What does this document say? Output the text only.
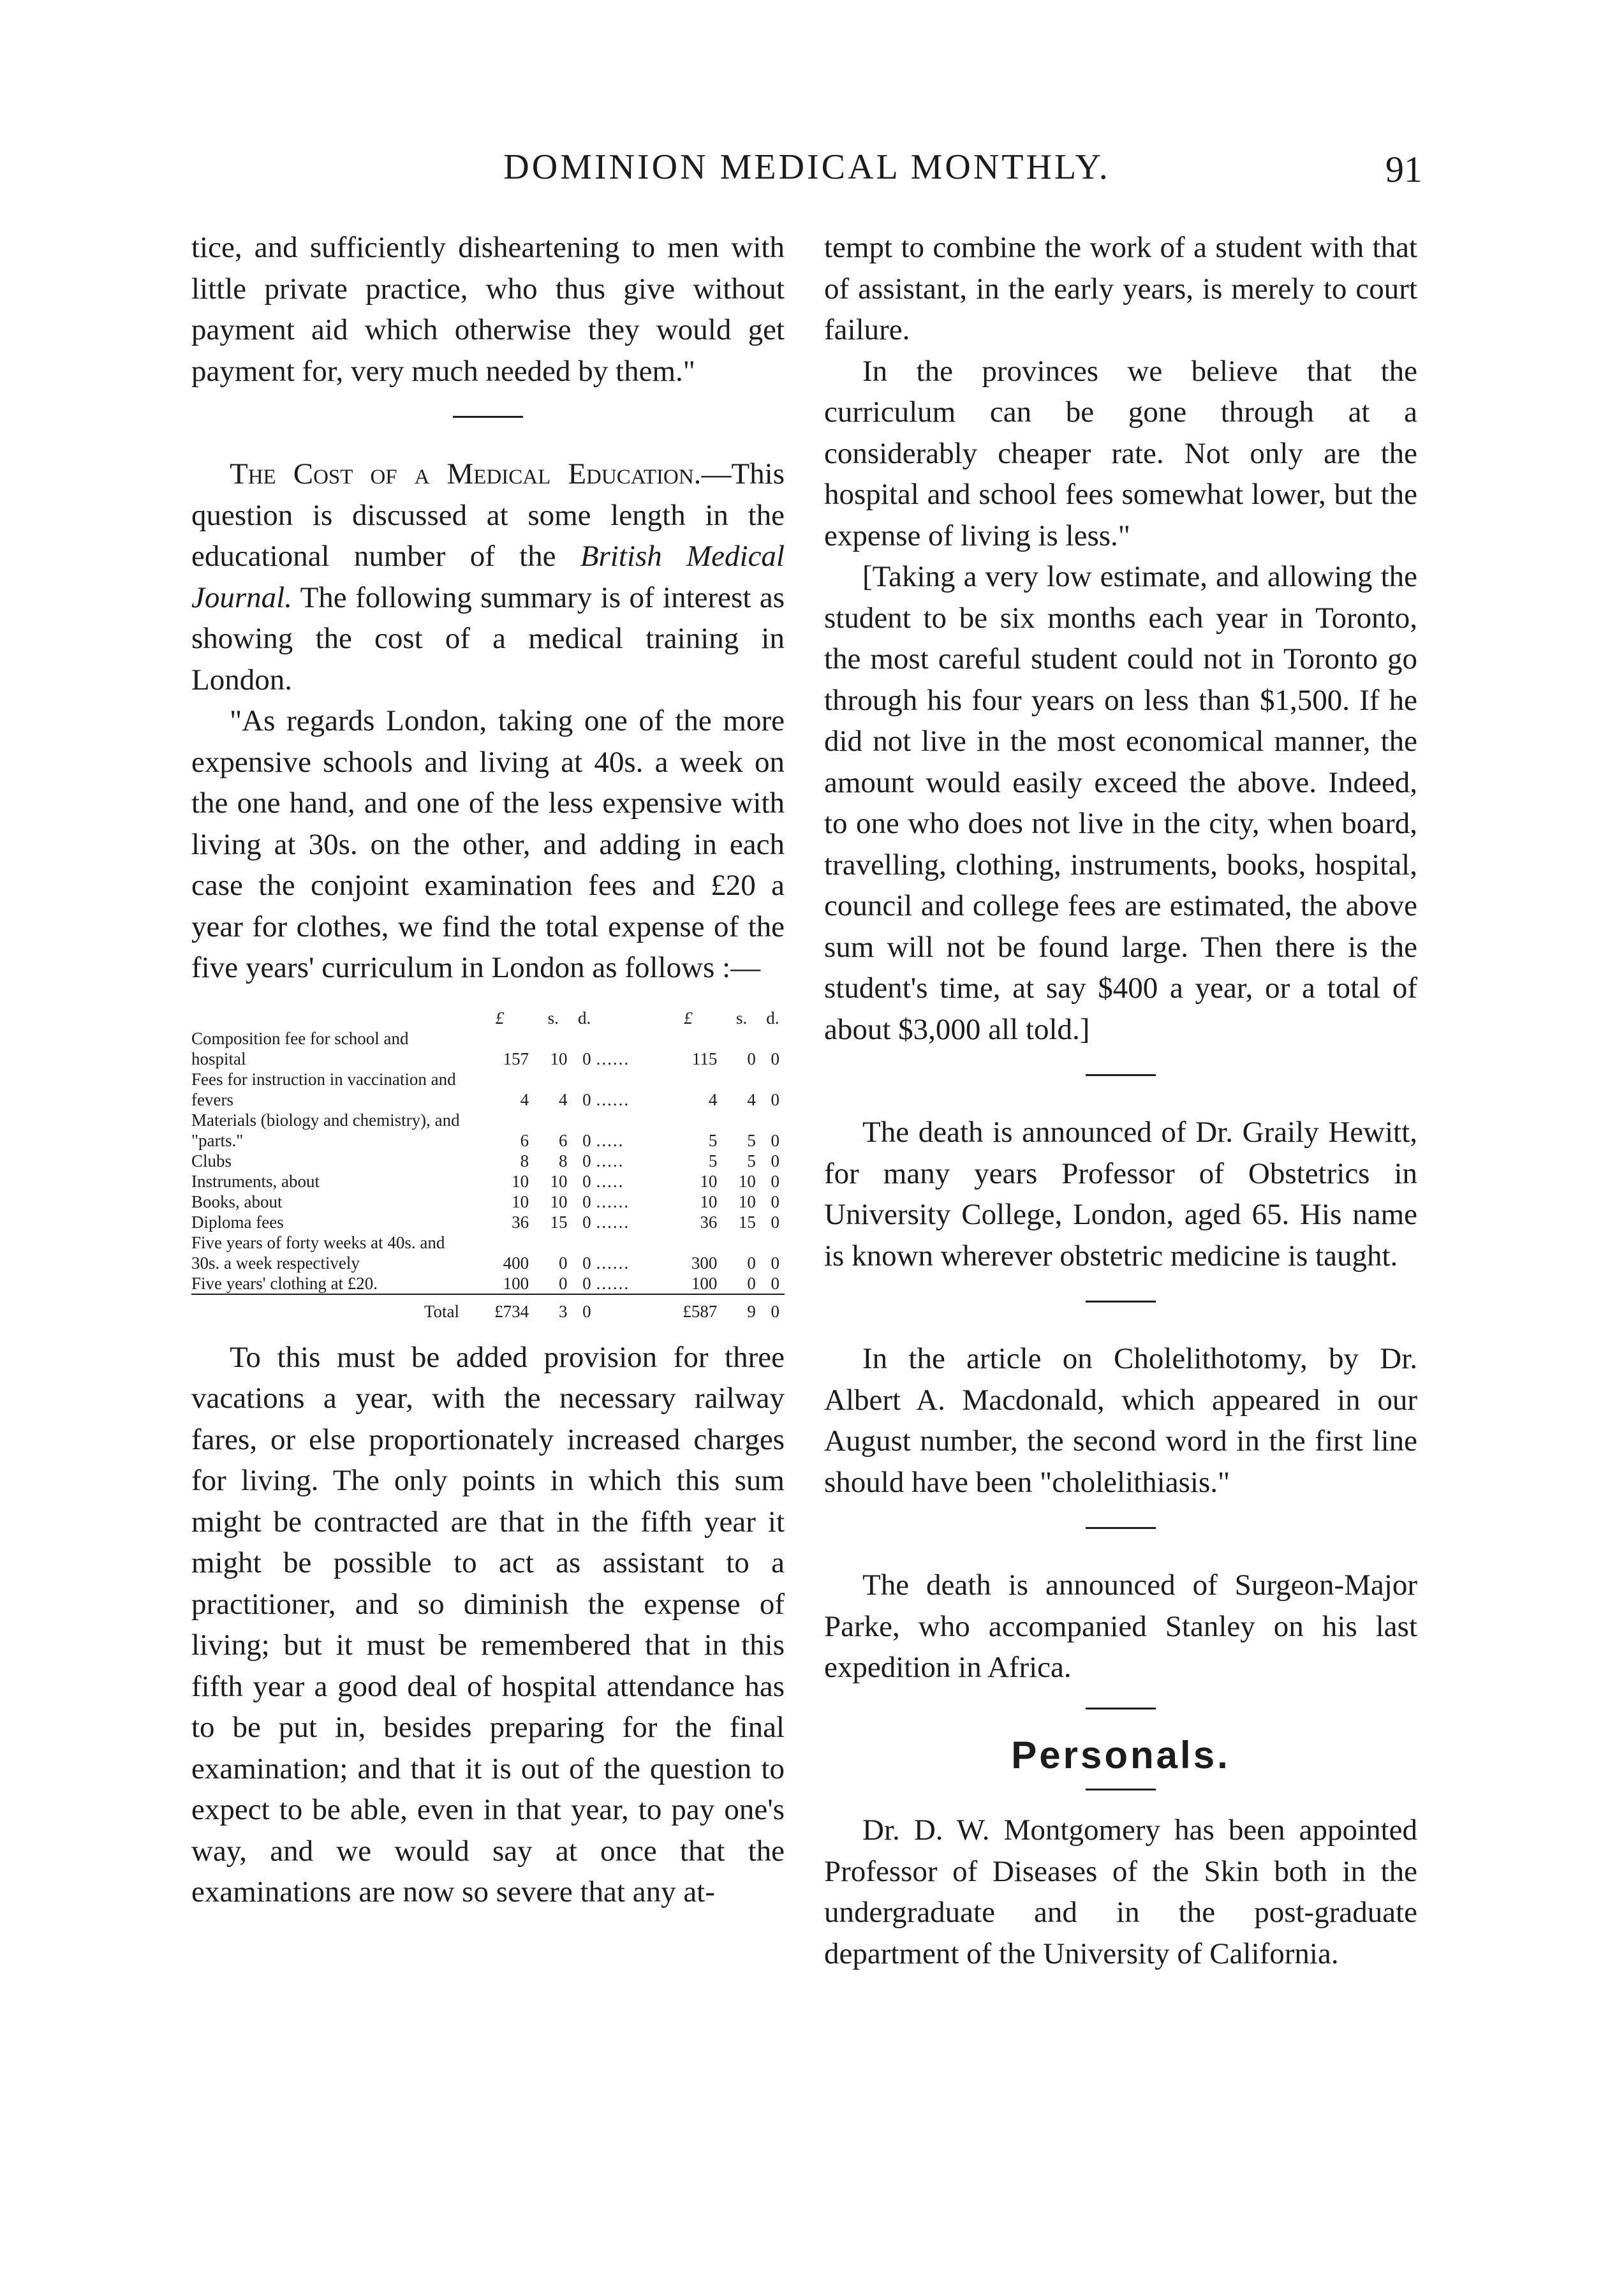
DOMINION MEDICAL MONTHLY.	91

tice, and sufficiently disheartening to men with little private practice, who thus give without payment aid which otherwise they would get payment for, very much needed by them."

The Cost of a Medical Education.—This question is discussed at some length in the educational number of the British Medical Journal. The following summary is of interest as showing the cost of a medical training in London.

"As regards London, taking one of the more expensive schools and living at 40s. a week on the one hand, and one of the less expensive with living at 30s. on the other, and adding in each case the conjoint examination fees and £20 a year for clothes, we find the total expense of the five years' curriculum in London as follows :—

	£	s.	d.		£	s.	d.
Composition fee for school and hospital	157	10	0	......	115	0	0
Fees for instruction in vaccination and fevers	4	4	0	......	4	4	0
Materials (biology and chemistry), and "parts."	6	6	0	.....	5	5	0
Clubs	8	8	0	.....	5	5	0
Instruments, about	10	10	0	.....	10	10	0
Books, about	10	10	0	......	10	10	0
Diploma fees	36	15	0	......	36	15	0
Five years of forty weeks at 40s. and 30s. a week respectively	400	0	0	......	300	0	0
Five years' clothing at £20.	100	0	0	......	100	0	0
Total	£734	3	0		£587	9	0

To this must be added provision for three vacations a year, with the necessary railway fares, or else proportionately increased charges for living. The only points in which this sum might be contracted are that in the fifth year it might be possible to act as assistant to a practitioner, and so diminish the expense of living; but it must be remembered that in this fifth year a good deal of hospital attendance has to be put in, besides preparing for the final examination; and that it is out of the question to expect to be able, even in that year, to pay one's way, and we would say at once that the examinations are now so severe that any at-

tempt to combine the work of a student with that of assistant, in the early years, is merely to court failure.

In the provinces we believe that the curriculum can be gone through at a considerably cheaper rate. Not only are the hospital and school fees somewhat lower, but the expense of living is less."

[Taking a very low estimate, and allowing the student to be six months each year in Toronto, the most careful student could not in Toronto go through his four years on less than $1,500. If he did not live in the most economical manner, the amount would easily exceed the above. Indeed, to one who does not live in the city, when board, travelling, clothing, instruments, books, hospital, council and college fees are estimated, the above sum will not be found large. Then there is the student's time, at say $400 a year, or a total of about $3,000 all told.]

The death is announced of Dr. Graily Hewitt, for many years Professor of Obstetrics in University College, London, aged 65. His name is known wherever obstetric medicine is taught.

In the article on Cholelithotomy, by Dr. Albert A. Macdonald, which appeared in our August number, the second word in the first line should have been "cholelithiasis."

The death is announced of Surgeon-Major Parke, who accompanied Stanley on his last expedition in Africa.

Personals.

Dr. D. W. Montgomery has been appointed Professor of Diseases of the Skin both in the undergraduate and in the post-graduate department of the University of California.
